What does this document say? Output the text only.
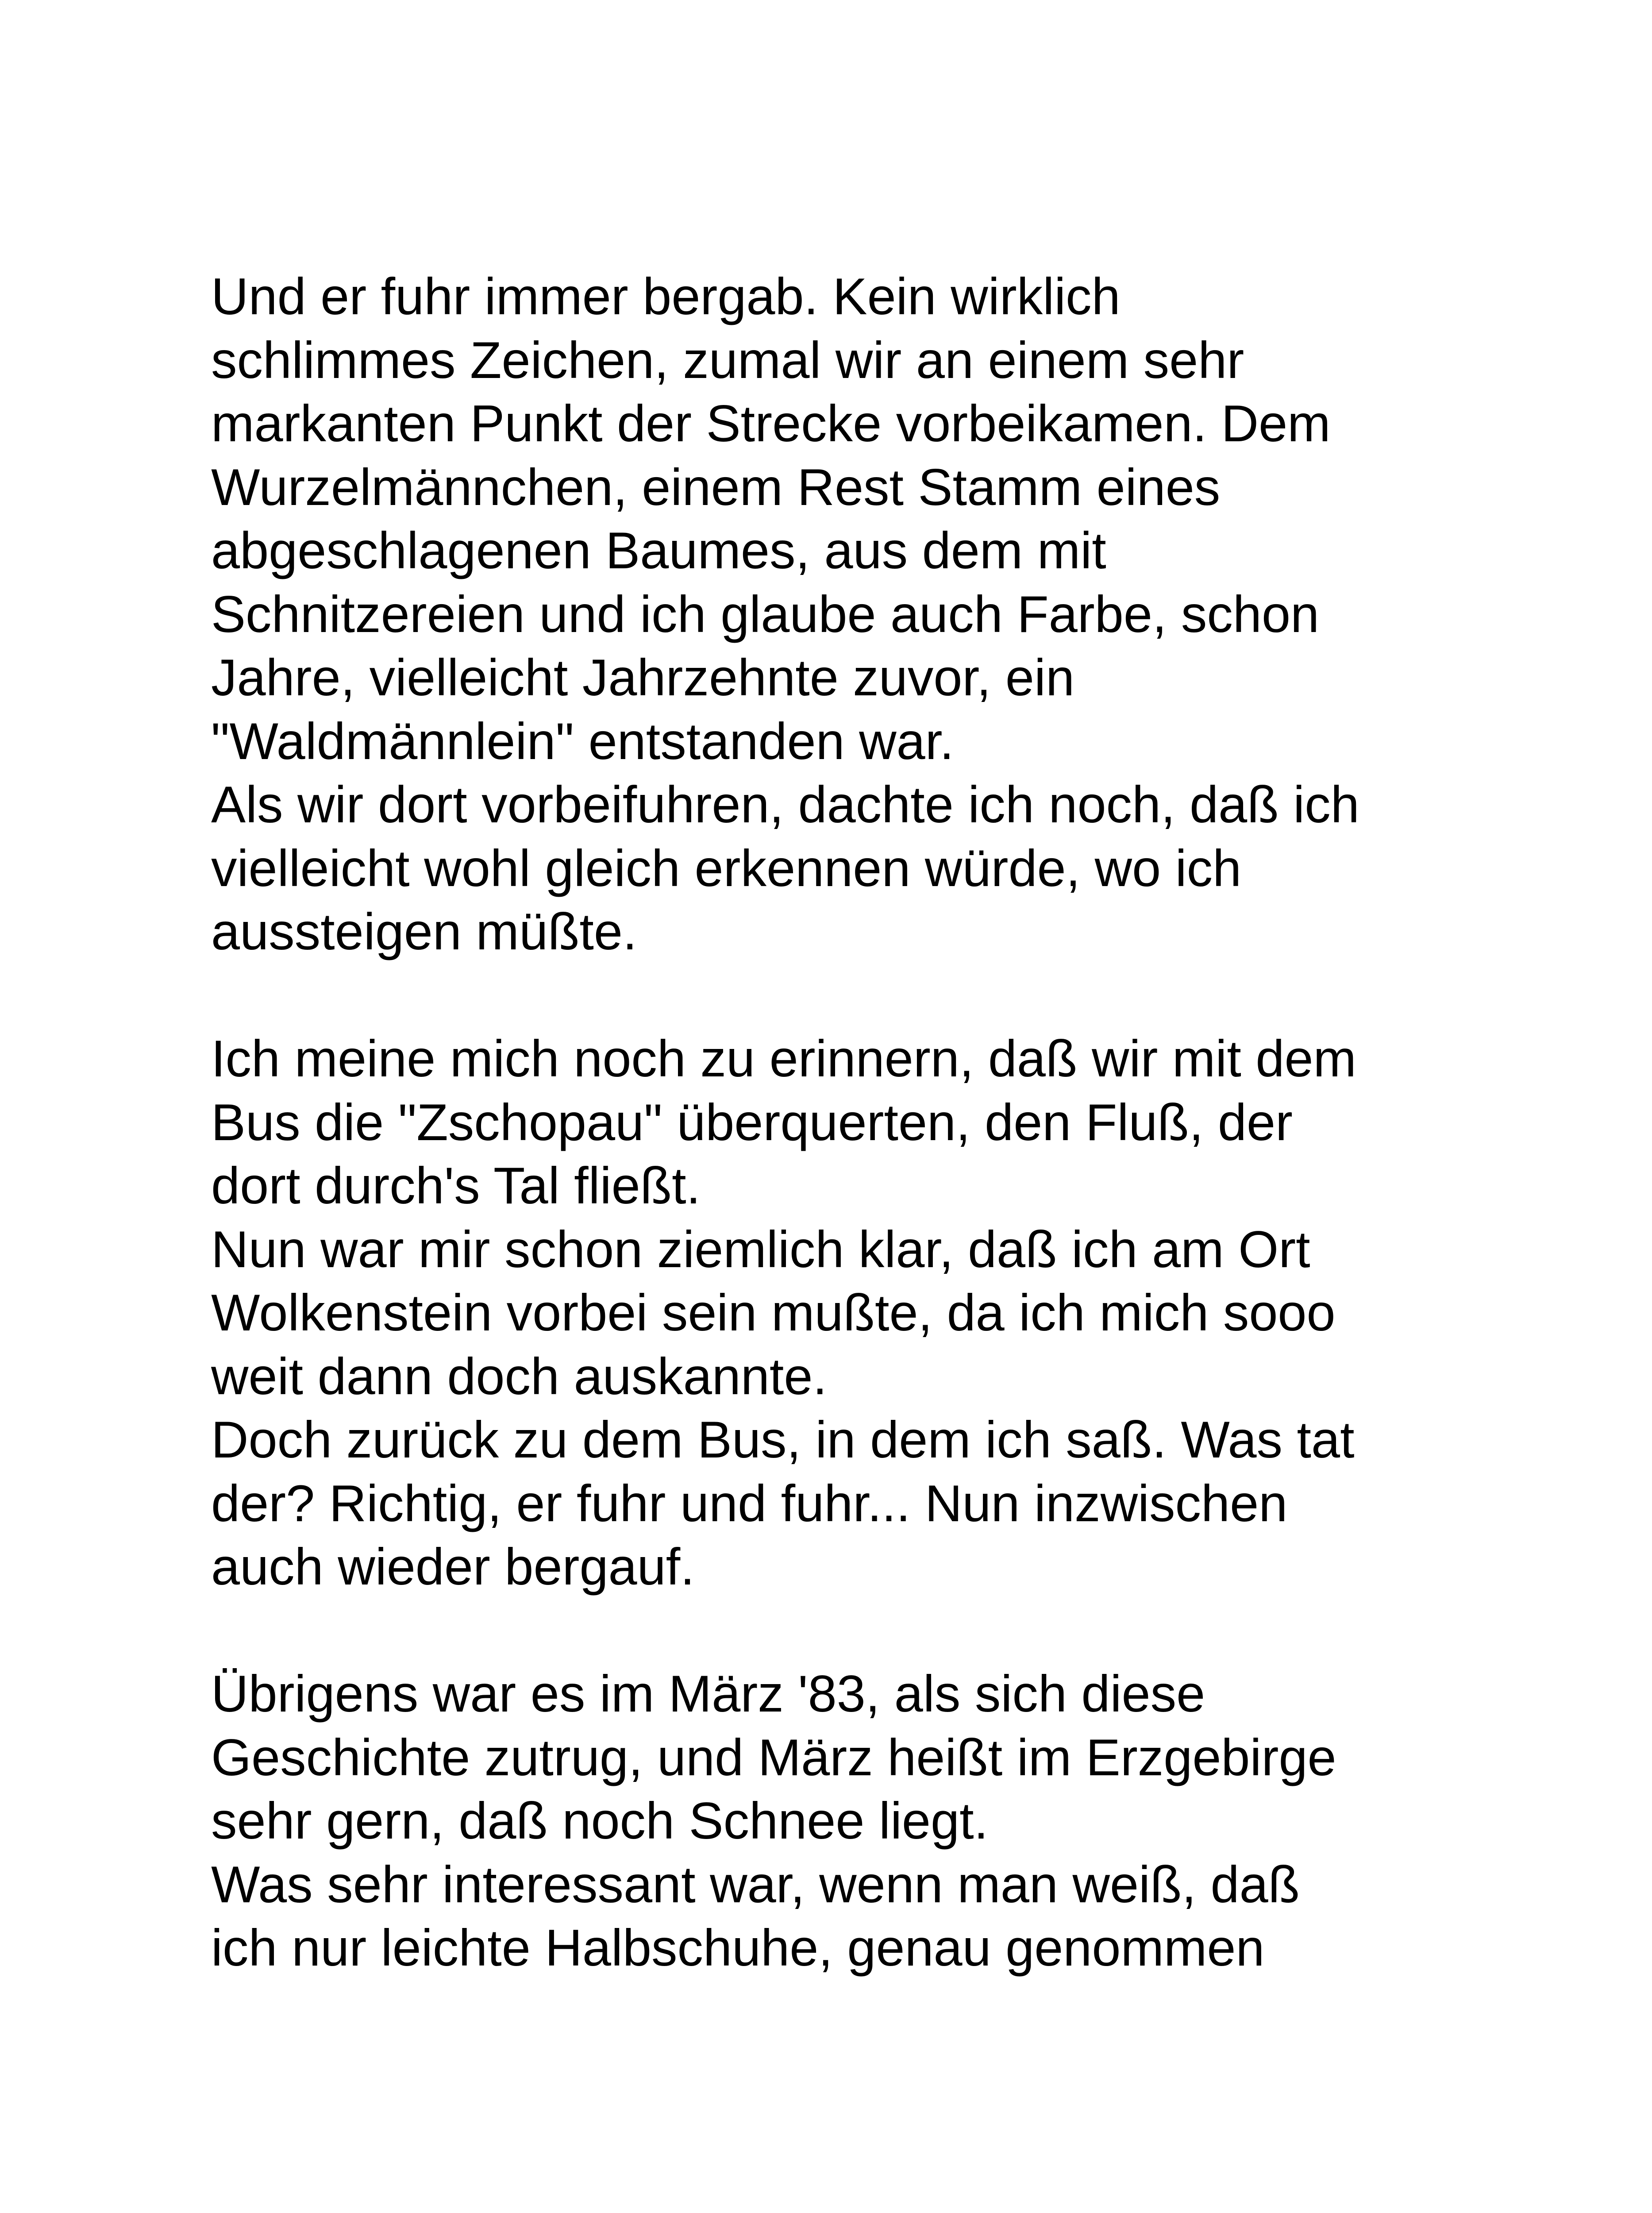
Und er fuhr immer bergab. Kein wirklich
schlimmes Zeichen, zumal wir an einem sehr
markanten Punkt der Strecke vorbeikamen. Dem
Wurzelmännchen, einem Rest Stamm eines
abgeschlagenen Baumes, aus dem mit
Schnitzereien und ich glaube auch Farbe, schon
Jahre, vielleicht Jahrzehnte zuvor, ein
"Waldmännlein" entstanden war.
Als wir dort vorbeifuhren, dachte ich noch, daß ich
vielleicht wohl gleich erkennen würde, wo ich
aussteigen müßte.
Ich meine mich noch zu erinnern, daß wir mit dem
Bus die "Zschopau" überquerten, den Fluß, der
dort durch's Tal fließt.
Nun war mir schon ziemlich klar, daß ich am Ort
Wolkenstein vorbei sein mußte, da ich mich sooo
weit dann doch auskannte.
Doch zurück zu dem Bus, in dem ich saß. Was tat
der? Richtig, er fuhr und fuhr... Nun inzwischen
auch wieder bergauf.
Übrigens war es im März '83, als sich diese
Geschichte zutrug, und März heißt im Erzgebirge
sehr gern, daß noch Schnee liegt.
Was sehr interessant war, wenn man weiß, daß
ich nur leichte Halbschuhe, genau genommen
